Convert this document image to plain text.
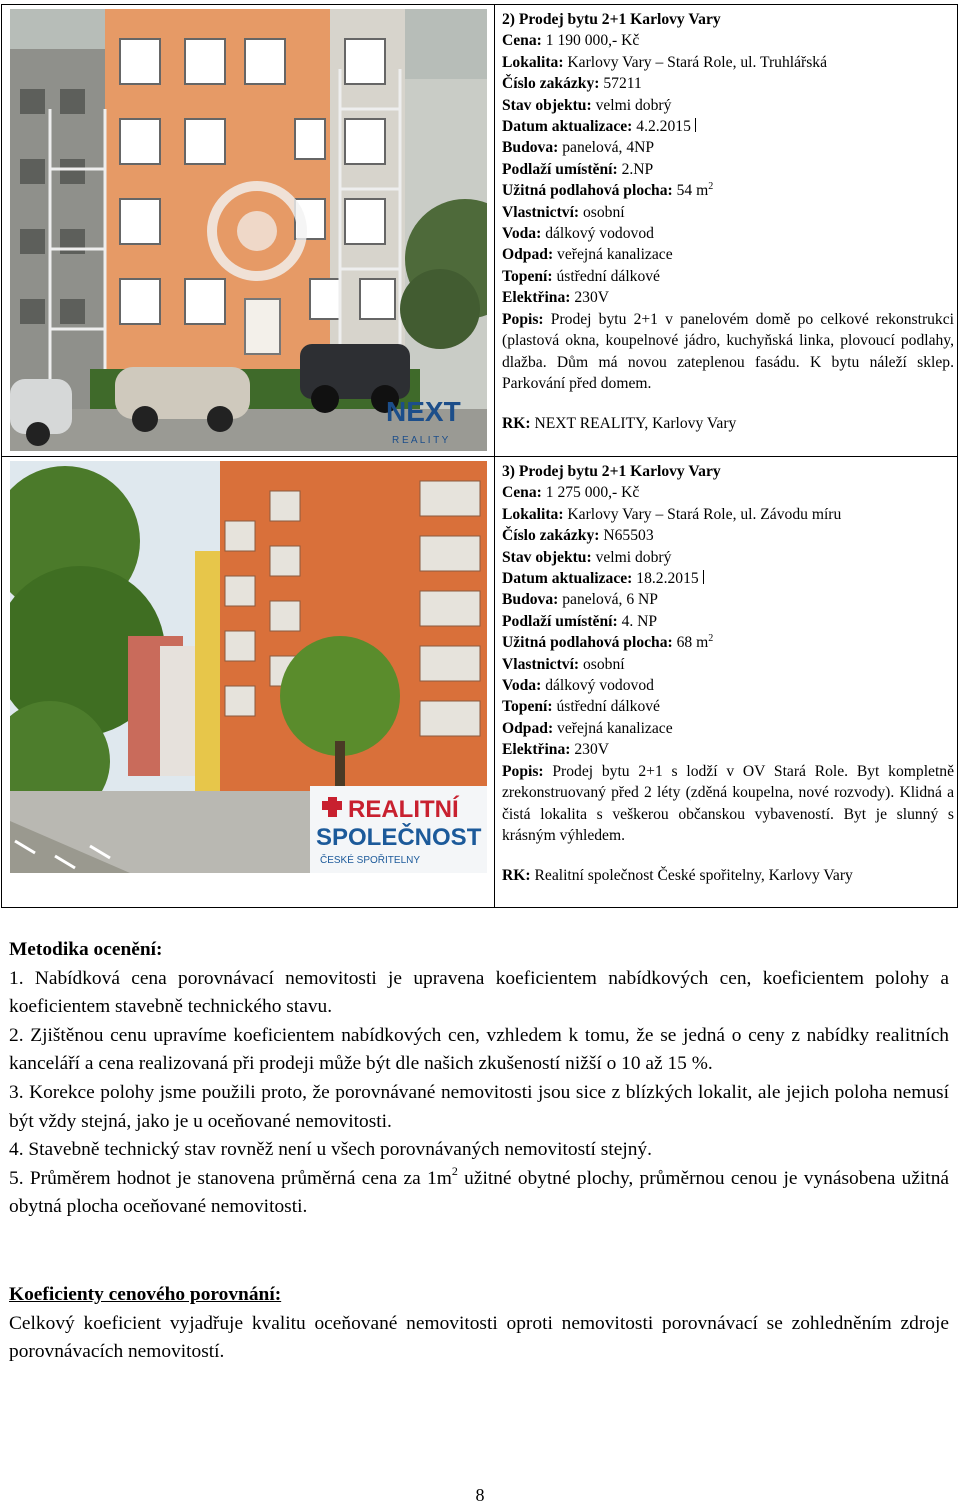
NEXT
R E A L I T Y
2) Prodej bytu 2+1 Karlovy Vary
Cena: 1 190 000,- Kč
Lokalita: Karlovy Vary – Stará Role, ul. Truhlářská
Číslo zakázky: 57211
Stav objektu: velmi dobrý
Datum aktualizace: 4.2.2015
Budova: panelová, 4NP
Podlaží umístění: 2.NP
Užitná podlahová plocha: 54 $m^2$
Vlastnictví: osobní
Voda: dálkový vodovod
Odpad: veřejná kanalizace
Topení: ústřední dálkové
Elektřina: 230V
Popis: Prodej bytu 2+1 v panelovém domě po celkové rekonstrukci (plastová okna, koupelnové jádro, kuchyňská linka, plovoucí podlahy, dlažba. Dům má novou zateplenou fasádu. K bytu náleží sklep. Parkování před domem.
RK: NEXT REALITY, Karlovy Vary
REALITNÍ
SPOLEČNOST
ČESKÉ SPOŘITELNY
3) Prodej bytu 2+1 Karlovy Vary
Cena: 1 275 000,- Kč
Lokalita: Karlovy Vary – Stará Role, ul. Závodu míru
Číslo zakázky: N65503
Stav objektu: velmi dobrý
Datum aktualizace: 18.2.2015
Budova: panelová, 6 NP
Podlaží umístění: 4. NP
Užitná podlahová plocha: 68 $m^2$
Vlastnictví: osobní
Voda: dálkový vodovod
Topení: ústřední dálkové
Odpad: veřejná kanalizace
Elektřina: 230V
Popis: Prodej bytu 2+1 s lodží v OV Stará Role. Byt kompletně zrekonstruovaný před 2 léty (zděná koupelna, nové rozvody). Klidná a čistá lokalita s veškerou občanskou vybaveností. Byt je slunný s krásným výhledem.
RK: Realitní společnost České spořitelny, Karlovy Vary
Metodika ocenění:

1. Nabídková cena porovnávací nemovitosti je upravena koeficientem nabídkových cen, koeficientem polohy a koeficientem stavebně technického stavu.

2. Zjištěnou cenu upravíme koeficientem nabídkových cen, vzhledem k tomu, že se jedná o ceny z nabídky realitních kanceláří a cena realizovaná při prodeji může být dle našich zkušeností nižší o 10 až 15 %.

3. Korekce polohy jsme použili proto, že porovnávané nemovitosti jsou sice z blízkých lokalit, ale jejich poloha nemusí být vždy stejná, jako je u oceňované nemovitosti.

4. Stavebně technický stav rovněž není u všech porovnávaných nemovitostí stejný.

5. Průměrem hodnot je stanovena průměrná cena za $1m^2$ užitné obytné plochy, průměrnou cenou je vynásobena užitná obytná plocha oceňované nemovitosti.

Koeficienty cenového porovnání:

Celkový koeficient vyjadřuje kvalitu oceňované nemovitosti oproti nemovitosti porovnávací se zohledněním zdroje porovnávacích nemovitostí.

8
